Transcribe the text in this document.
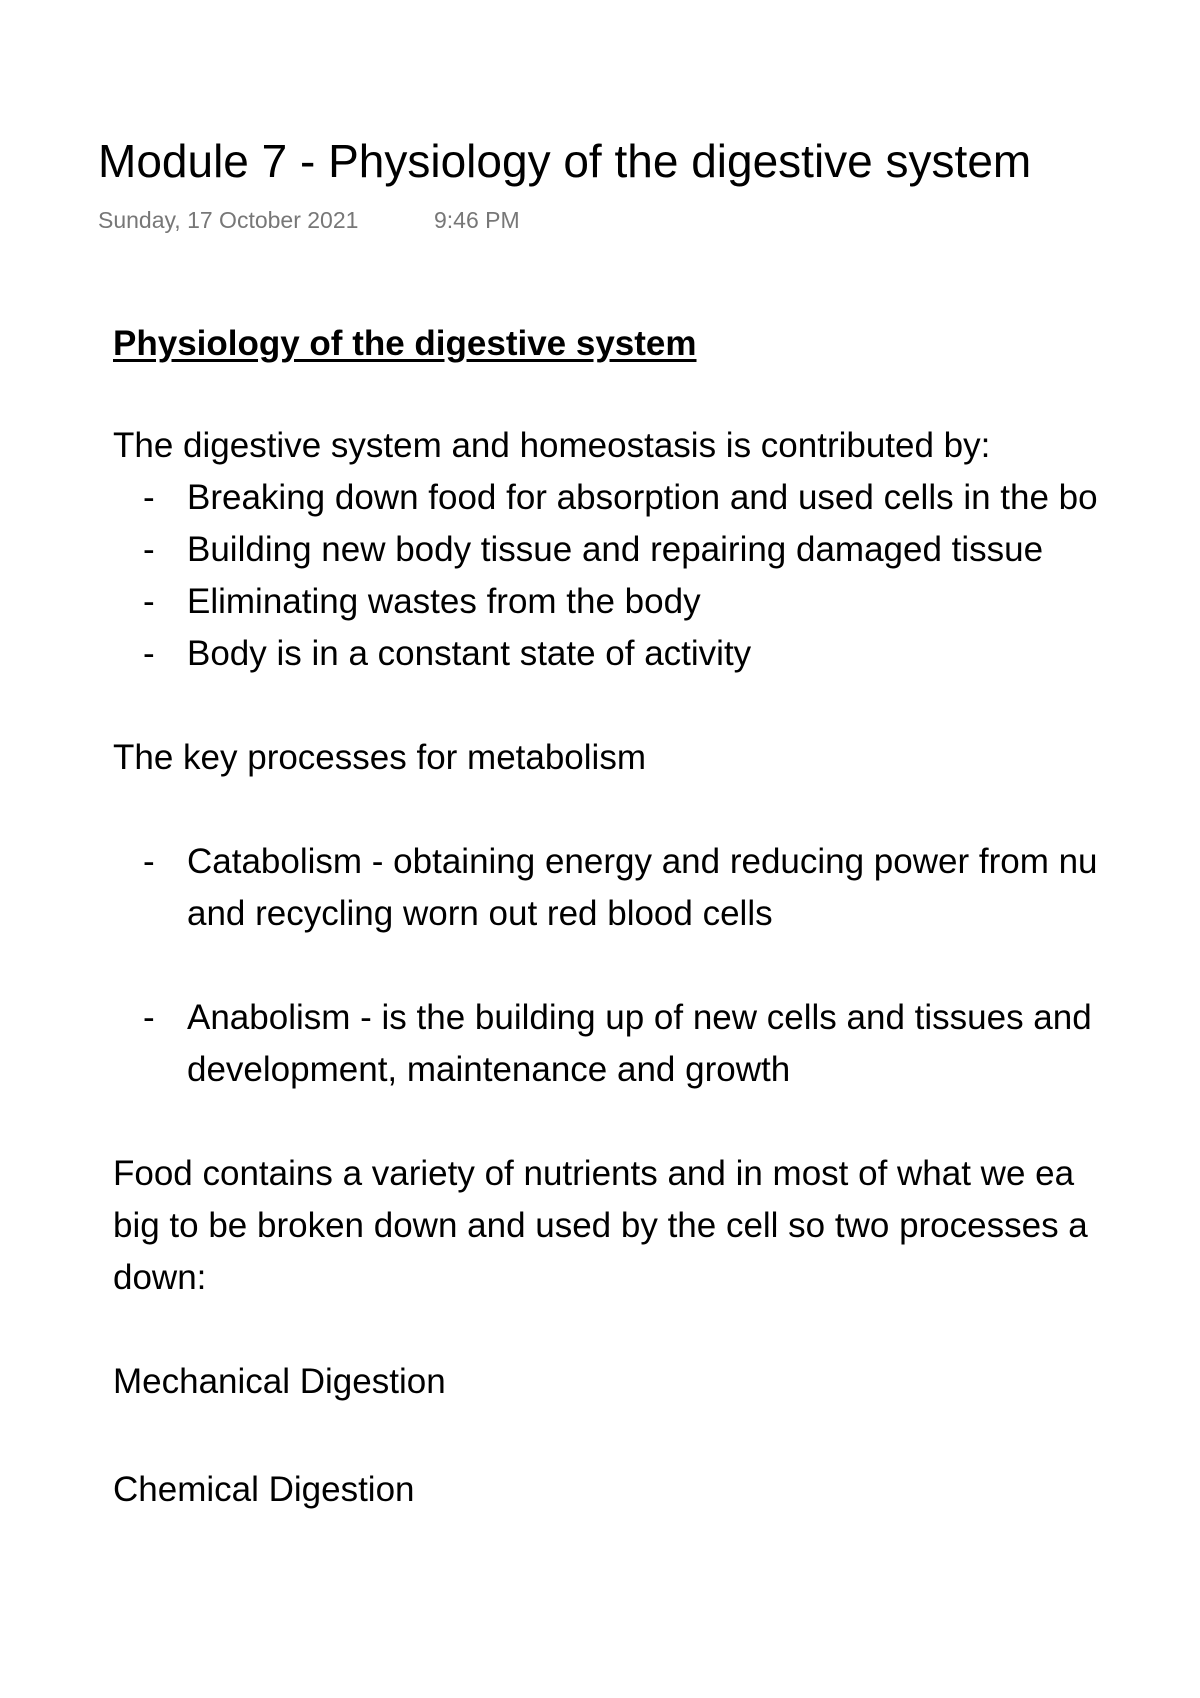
Module 7 - Physiology of the digestive system
Sunday, 17 October 2021	9:46 PM
Physiology of the digestive system
The digestive system and homeostasis is contributed by:
- Breaking down food for absorption and used cells in the bo
- Building new body tissue and repairing damaged tissue
- Eliminating wastes from the body
- Body is in a constant state of activity
The key processes for metabolism
- Catabolism - obtaining energy and reducing power from nu
and recycling worn out red blood cells
- Anabolism - is the building up of new cells and tissues and
development, maintenance and growth
Food contains a variety of nutrients and in most of what we ea
big to be broken down and used by the cell so two processes a
down:
Mechanical Digestion
Chemical Digestion
